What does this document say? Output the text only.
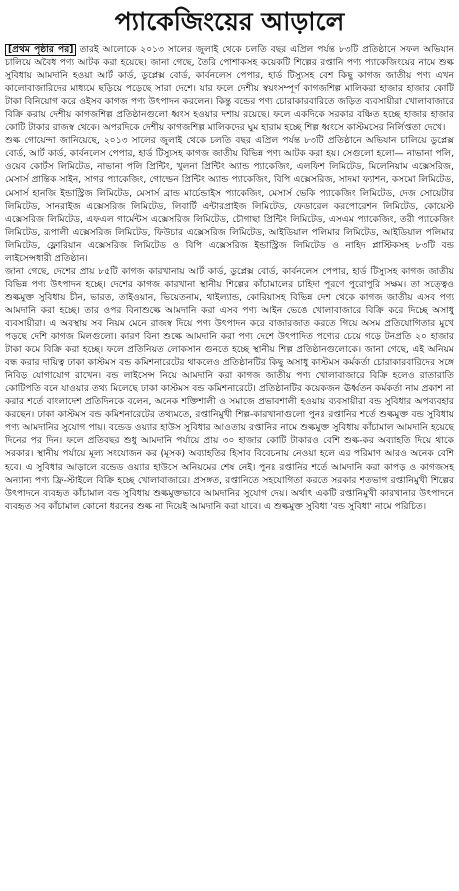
প্যাকেজিংয়ের আড়ালে

[প্রথম পৃষ্ঠার পর] তারই আলোকে ২০১৩ সালের জুলাই থেকে চলতি বছর এপ্রিল পর্যন্ত ৮৩টি প্রতিষ্ঠানে সফল অভিযান চালিয়ে অবৈধ পণ্য আটক করা হয়েছে। জানা গেছে, তৈরি পোশাকসহ কয়েকটি শিল্পের রপ্তানি পণ্য প্যাকেজিংয়ের নামে শুল্ক সুবিধায় আমদানি হওয়া আর্ট কার্ড, ডুপ্লেক্স বোর্ড, কার্বনলেস পেপার, হার্ড টিস্যুসহ বেশ কিছু কাগজ জাতীয় পণ্য এখন কালোবাজারিদের মাধ্যমে ছড়িয়ে পড়েছে সারা দেশে। যার ফলে দেশীয় স্বয়ংসম্পূর্ণ কাগজশিল্প মালিকরা হাজার হাজার কোটি টাকা বিনিয়োগ করে ওইসব কাগজ পণ্য উৎপাদন করলেন। কিন্তু বন্ডের পণ্য চোরাকারবারিতে জড়িত ব্যবসায়ীরা খোলাবাজারে বিক্রি করায় দেশীয় কাগজশিল্প প্রতিষ্ঠানগুলো ধ্বংস হওয়ার দশায় রয়েছে। ফলে একদিকে সরকার বঞ্চিত হচ্ছে হাজার হাজার কোটি টাকার রাজস্ব থেকে। অপরদিকে দেশীয় কাগজশিল্প মালিকদের ঘুম হারাম হচ্ছে শিল্প ধ্বংসে কাস্টমসের নির্লিপ্ততা দেখে।

শুল্ক গোয়েন্দা জানিয়েছে, ২০১৩ সালের জুলাই থেকে চলতি বছর এপ্রিল পর্যন্ত ৮৩টি প্রতিষ্ঠানে অভিযান চালিয়ে ডুপ্লেক্স বোর্ড, আর্ট কার্ড, কার্বনলেস পেপার, হার্ড টিস্যুসহ কাগজ জাতীয় বিভিন্ন পণ্য আটক করা হয়। সেগুলো হলো— নাভানা পলি, ওয়েব কোর্টস লিমিটেড, নাভানা পলি প্রিন্টিং, খুলনা প্রিন্টিং অ্যান্ড প্যাকেজিং, এলফিশ লিমিটেড, মিলেনিয়াম এক্সেসরিজ, মেসার্স প্রান্তিক সাইন, সাগর প্যাকেজিং, গোল্ডেন প্রিন্টিং অ্যান্ড প্যাকেজিং, বিপি এক্সেসরিজ, সাদমা ফ্যাশন, কসমো লিমিটেড, মেসার্স হানজি ইন্ডাস্ট্রিজ লিমিটেড, মেসার্স ব্রান্ড মার্চেন্ডাইস প্যাকেজিং, মেসার্স ভেকি প্যাকেজিং লিমিটেড, দেজ সোয়েটার লিমিটেড, সানরাইজ এক্সেসরিজ লিমিটেড, লিবার্টি এন্টারপ্রাইজ লিমিটেড, ফেডারেল করপোরেশন লিমিটেড, কোয়েস্ট এক্সেসরিজ লিমিটেড, এফএল গার্মেন্টস এক্সেসরিজ লিমিটেড, চৌগাছা প্রিন্টিং লিমিটেড, এসএম প্যাকেজিং, তরী প্যাকেজিং লিমিটেড, রূপালী এক্সেসরিজ লিমিটেড, ফিউচার এক্সেসরিজ লিমিটেড, আইডিয়াল পলিমার লিমিটেড, আইডিয়াল পলিমার লিমিটেড, ফ্লোরিয়ান এক্সেসরিজ লিমিটেড ও বিপি এক্সেসরিজ ইন্ডাস্ট্রিজ লিমিটেড ও নাহিদ প্লাস্টিকসহ ৮৩টি বন্ড লাইসেন্সধারী প্রতিষ্ঠান।

জানা গেছে, দেশের প্রায় ৮৫টি কাগজ কারখানায় আর্ট কার্ড, ডুপ্লেক্স বোর্ড, কার্বনলেস পেপার, হার্ড টিস্যুসহ কাগজ জাতীয় বিভিন্ন পণ্য উৎপাদন হচ্ছে। দেশের কাগজ কারখানা স্থানীয় শিল্পের কাঁচামালের চাহিদা পূরণে পুরোপুরি সক্ষম। তা সত্ত্বেও শুল্কমুক্ত সুবিধায় চীন, ভারত, তাইওয়ান, ভিয়েতনাম, থাইল্যান্ড, কোরিয়াসহ বিভিন্ন দেশ থেকে কাগজ জাতীয় এসব পণ্য আমদানি করা হচ্ছে। তার ওপর বিনাশুল্কে আমদানি করা এসব পণ্য আইন ভেঙে খোলাবাজারে বিক্রি করে দিচ্ছে অসাধু ব্যবসায়ীরা। এ অবস্থায় সব নিয়ম মেনে রাজস্ব দিয়ে পণ্য উৎপাদন করে বাজারজাত করতে গিয়ে অসম প্রতিযোগিতার মুখে পড়ছে দেশি কাগজ মিলগুলো। কারণ বিনা শুল্কে আমদানি করা পণ্য দেশে উৎপাদিত পণ্যের চেয়ে গড়ে টনপ্রতি ২০ হাজার টাকা কমে বিক্রি করা হচ্ছে। ফলে প্রতিনিয়ত লোকসান গুনতে হচ্ছে স্থানীয় শিল্প প্রতিষ্ঠানগুলোকে। জানা গেছে, এই অনিয়ম বন্ধ করার দায়িত্ব ঢাকা কাস্টমস বন্ড কমিশনারেটের থাকলেও প্রতিষ্ঠানটির কিছু অসাধু কাস্টমস কর্মকর্তা চোরাকারবারিদের সঙ্গে নিবিড় যোগাযোগ রাখেন। বন্ড লাইসেন্স নিয়ে আমদানি করা কাগজ জাতীয় পণ্য খোলাবাজারে বিক্রি হলেও রাতারাতি কোটিপতি বনে যাওয়ার তথ্য মিলেছে ঢাকা কাস্টমস বন্ড কমিশনারেটে। প্রতিষ্ঠানটির কয়েকজন ঊর্ধ্বতন কর্মকর্তা নাম প্রকাশ না করার শর্তে বাংলাদেশ প্রতিদিনকে বলেন, অনেক শক্তিশালী ও সমাজে প্রভাবশালী হওয়ায় ব্যবসায়ীরা বন্ড সুবিধার অপব্যবহার করছেন। ঢাকা কাস্টমস বন্ড কমিশনারেটের তথ্যমতে, রপ্তানিমুখী শিল্প-কারখানাগুলো পুনঃ রপ্তানির শর্তে শুল্কমুক্ত বন্ড সুবিধায় পণ্য আমদানির সুযোগ পায়। বন্ডেড ওয়্যার হাউস সুবিধার আওতায় রপ্তানির নামে শুল্কমুক্ত সুবিধায় কাঁচামাল আমদানি হয়েছে দিনের পর দিন। ফলে প্রতিবছর শুধু আমদানি পর্যায়ে প্রায় ৩০ হাজার কোটি টাকারও বেশি শুল্ক-কর অব্যাহতি দিয়ে থাকে সরকার। স্থানীয় পর্যায়ে মূল্য সংযোজন কর (মূসক) অব্যাহতির হিসাব বিবেচনায় নেওয়া হলে এর পরিমাণ আরও অনেক বেশি হবে। এ সুবিধার আড়ালে বন্ডেড ওয়্যার হাউসে অনিয়মের শেষ নেই। পুনঃ রপ্তানির শর্তে আমদানি করা কাপড় ও কাগজসহ অন্যান্য পণ্য ফ্রি-স্টাইলে বিক্রি হচ্ছে খোলাবাজারে। প্রসঙ্গত, রপ্তানিতে সহযোগিতা করতে সরকার শতভাগ রপ্তানিমুখী শিল্পের উৎপাদনে ব্যবহৃত কাঁচামাল বন্ড সুবিধায় শুল্কমুক্তভাবে আমদানির সুযোগ দেয়। অর্থাৎ একটি রপ্তানিমুখী কারখানার উৎপাদনে ব্যবহৃত সব কাঁচামাল কোনো ধরনের শুল্ক না দিয়েই আমদানি করা যাবে। এ শুল্কমুক্ত সুবিধা 'বন্ড সুবিধা' নামে পরিচিত।
